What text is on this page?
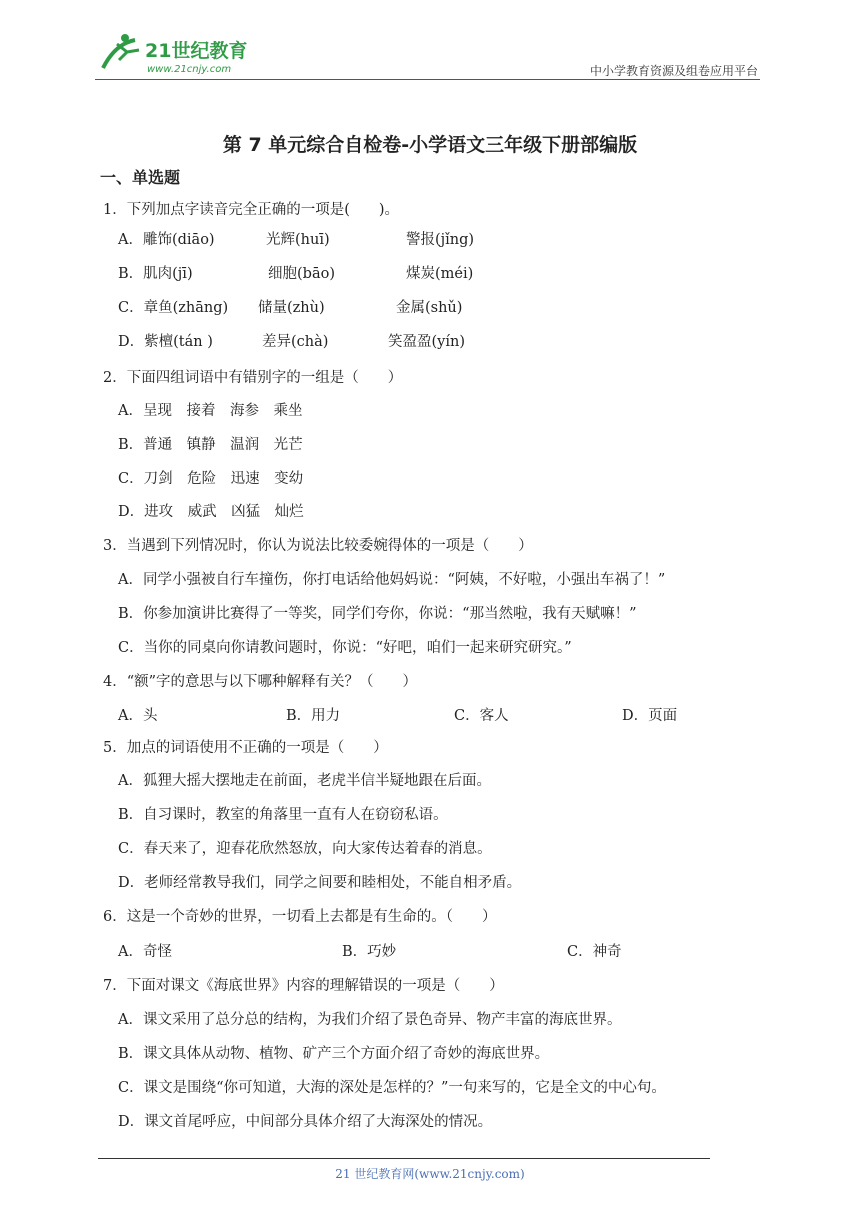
21世纪教育
www.21cnjy.com	中小学教育资源及组卷应用平台
第 7 单元综合自检卷-小学语文三年级下册部编版
一、单选题
1．下列加点字读音完全正确的一项是(　　)。
A．雕饰(diāo)	光辉(huī)	警报(jǐng)
B．肌肉(jī)	细胞(bāo)	煤炭(méi)
C．章鱼(zhāng) 储量(zhù)	金属(shǔ)
D．紫檀(tán )	差异(chà)	笑盈盈(yín)
2．下面四组词语中有错别字的一组是（　　）
A．呈现　接着　海参　乘坐
B．普通　镇静　温润　光芒
C．刀剑　危险　迅速　变幼
D．进攻　威武　凶猛　灿烂
3．当遇到下列情况时，你认为说法比较委婉得体的一项是（　　）
A．同学小强被自行车撞伤，你打电话给他妈妈说：“阿姨，不好啦，小强出车祸了！”
B．你参加演讲比赛得了一等奖，同学们夸你，你说：“那当然啦，我有天赋嘛！”
C．当你的同桌向你请教问题时，你说：“好吧，咱们一起来研究研究。”
4．“额”字的意思与以下哪种解释有关？（　　）
A．头	B．用力	C．客人	D．页面
5．加点的词语使用不正确的一项是（　　）
A．狐狸大摇大摆地走在前面，老虎半信半疑地跟在后面。
B．自习课时，教室的角落里一直有人在窃窃私语。
C．春天来了，迎春花欣然怒放，向大家传达着春的消息。
D．老师经常教导我们，同学之间要和睦相处，不能自相矛盾。
6．这是一个奇妙的世界，一切看上去都是有生命的。（　　）
A．奇怪	B．巧妙	C．神奇
7．下面对课文《海底世界》内容的理解错误的一项是（　　）
A．课文采用了总分总的结构，为我们介绍了景色奇异、物产丰富的海底世界。
B．课文具体从动物、植物、矿产三个方面介绍了奇妙的海底世界。
C．课文是围绕“你可知道，大海的深处是怎样的？”一句来写的，它是全文的中心句。
D．课文首尾呼应，中间部分具体介绍了大海深处的情况。
21 世纪教育网(www.21cnjy.com)
